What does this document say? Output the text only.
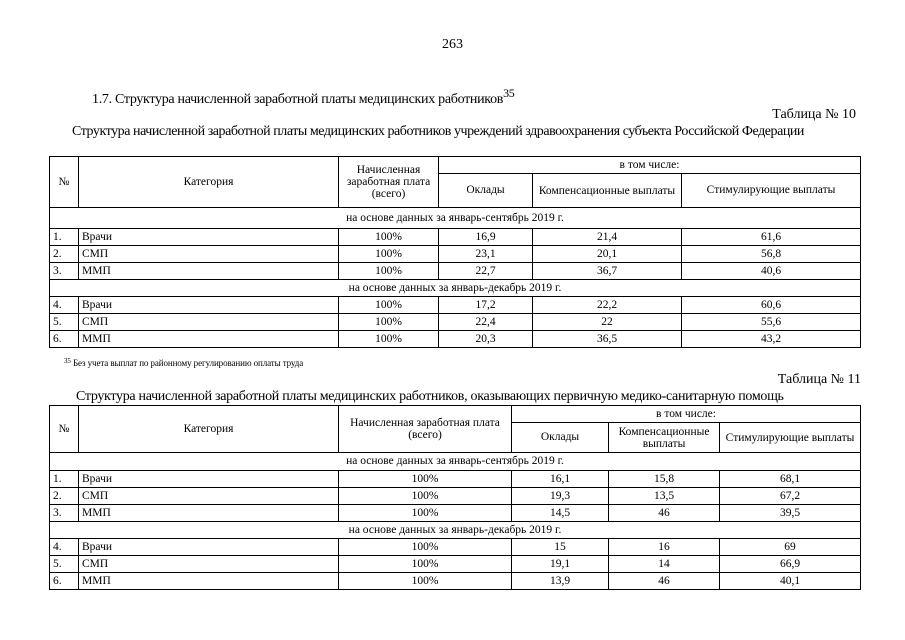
263
1.7. Структура начисленной заработной платы медицинских работников$^{35}$
Таблица № 10
Структура начисленной заработной платы медицинских работников учреждений здравоохранения субъекта Российской Федерации
№	Категория	Начисленная заработная плата (всего)	в том числе:		
			Оклады	Компенсационные выплаты	Стимулирующие выплаты
на основе данных за январь-сентябрь 2019 г.					
1.	Врачи	100%	16,9	21,4	61,6
2.	СМП	100%	23,1	20,1	56,8
3.	ММП	100%	22,7	36,7	40,6
на основе данных за январь-декабрь 2019 г.					
4.	Врачи	100%	17,2	22,2	60,6
5.	СМП	100%	22,4	22	55,6
6.	ММП	100%	20,3	36,5	43,2
$^{35}$ Без учета выплат по районному регулированию оплаты труда
Таблица № 11
Структура начисленной заработной платы медицинских работников, оказывающих первичную медико-санитарную помощь
№	Категория	Начисленная заработная плата (всего)	в том числе:		
			Оклады	Компенсационные выплаты	Стимулирующие выплаты
на основе данных за январь-сентябрь 2019 г.					
1.	Врачи	100%	16,1	15,8	68,1
2.	СМП	100%	19,3	13,5	67,2
3.	ММП	100%	14,5	46	39,5
на основе данных за январь-декабрь 2019 г.					
4.	Врачи	100%	15	16	69
5.	СМП	100%	19,1	14	66,9
6.	ММП	100%	13,9	46	40,1
